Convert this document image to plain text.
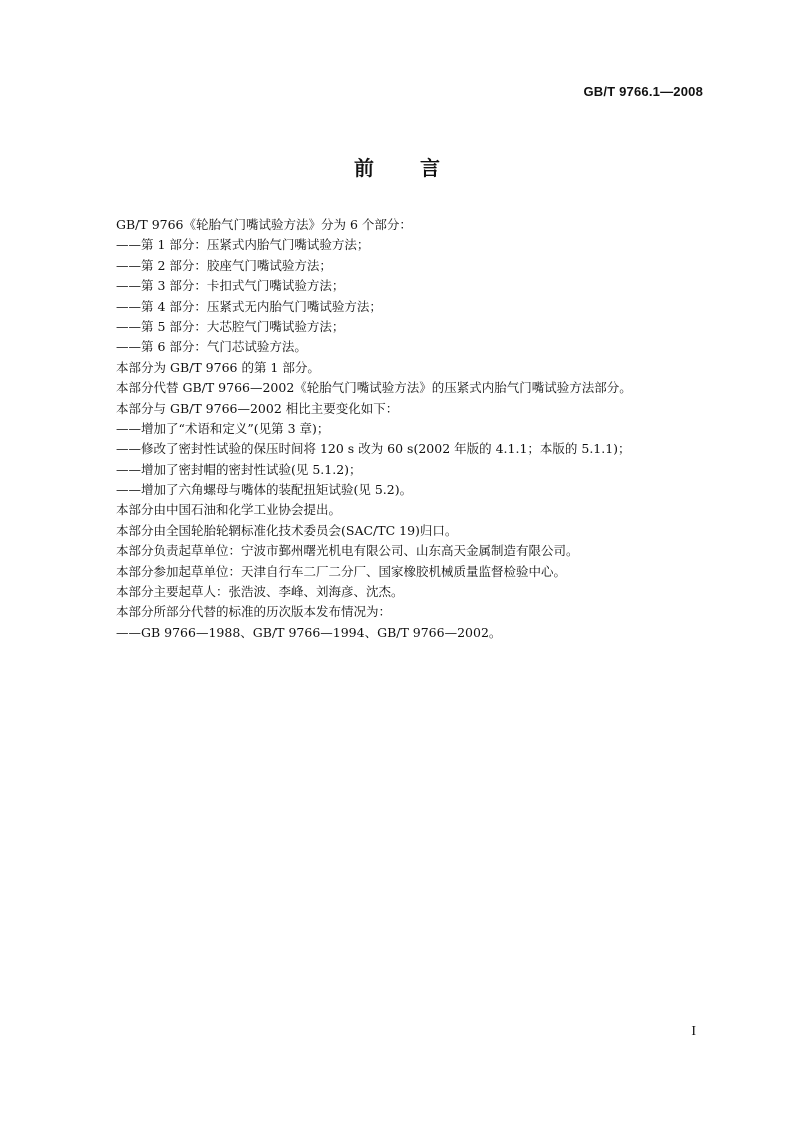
GB/T 9766.1—2008
前 言
GB/T 9766《轮胎气门嘴试验方法》分为 6 个部分：
——第 1 部分：压紧式内胎气门嘴试验方法；
——第 2 部分：胶座气门嘴试验方法；
——第 3 部分：卡扣式气门嘴试验方法；
——第 4 部分：压紧式无内胎气门嘴试验方法；
——第 5 部分：大芯腔气门嘴试验方法；
——第 6 部分：气门芯试验方法。
本部分为 GB/T 9766 的第 1 部分。
本部分代替 GB/T 9766—2002《轮胎气门嘴试验方法》的压紧式内胎气门嘴试验方法部分。
本部分与 GB/T 9766—2002 相比主要变化如下：
——增加了“术语和定义”(见第 3 章)；
——修改了密封性试验的保压时间将 120 s 改为 60 s(2002 年版的 4.1.1；本版的 5.1.1)；
——增加了密封帽的密封性试验(见 5.1.2)；
——增加了六角螺母与嘴体的装配扭矩试验(见 5.2)。
本部分由中国石油和化学工业协会提出。
本部分由全国轮胎轮辋标准化技术委员会(SAC/TC 19)归口。
本部分负责起草单位：宁波市鄞州曙光机电有限公司、山东高天金属制造有限公司。
本部分参加起草单位：天津自行车二厂二分厂、国家橡胶机械质量监督检验中心。
本部分主要起草人：张浩波、李峰、刘海彦、沈杰。
本部分所部分代替的标准的历次版本发布情况为：
——GB 9766—1988、GB/T 9766—1994、GB/T 9766—2002。
I
